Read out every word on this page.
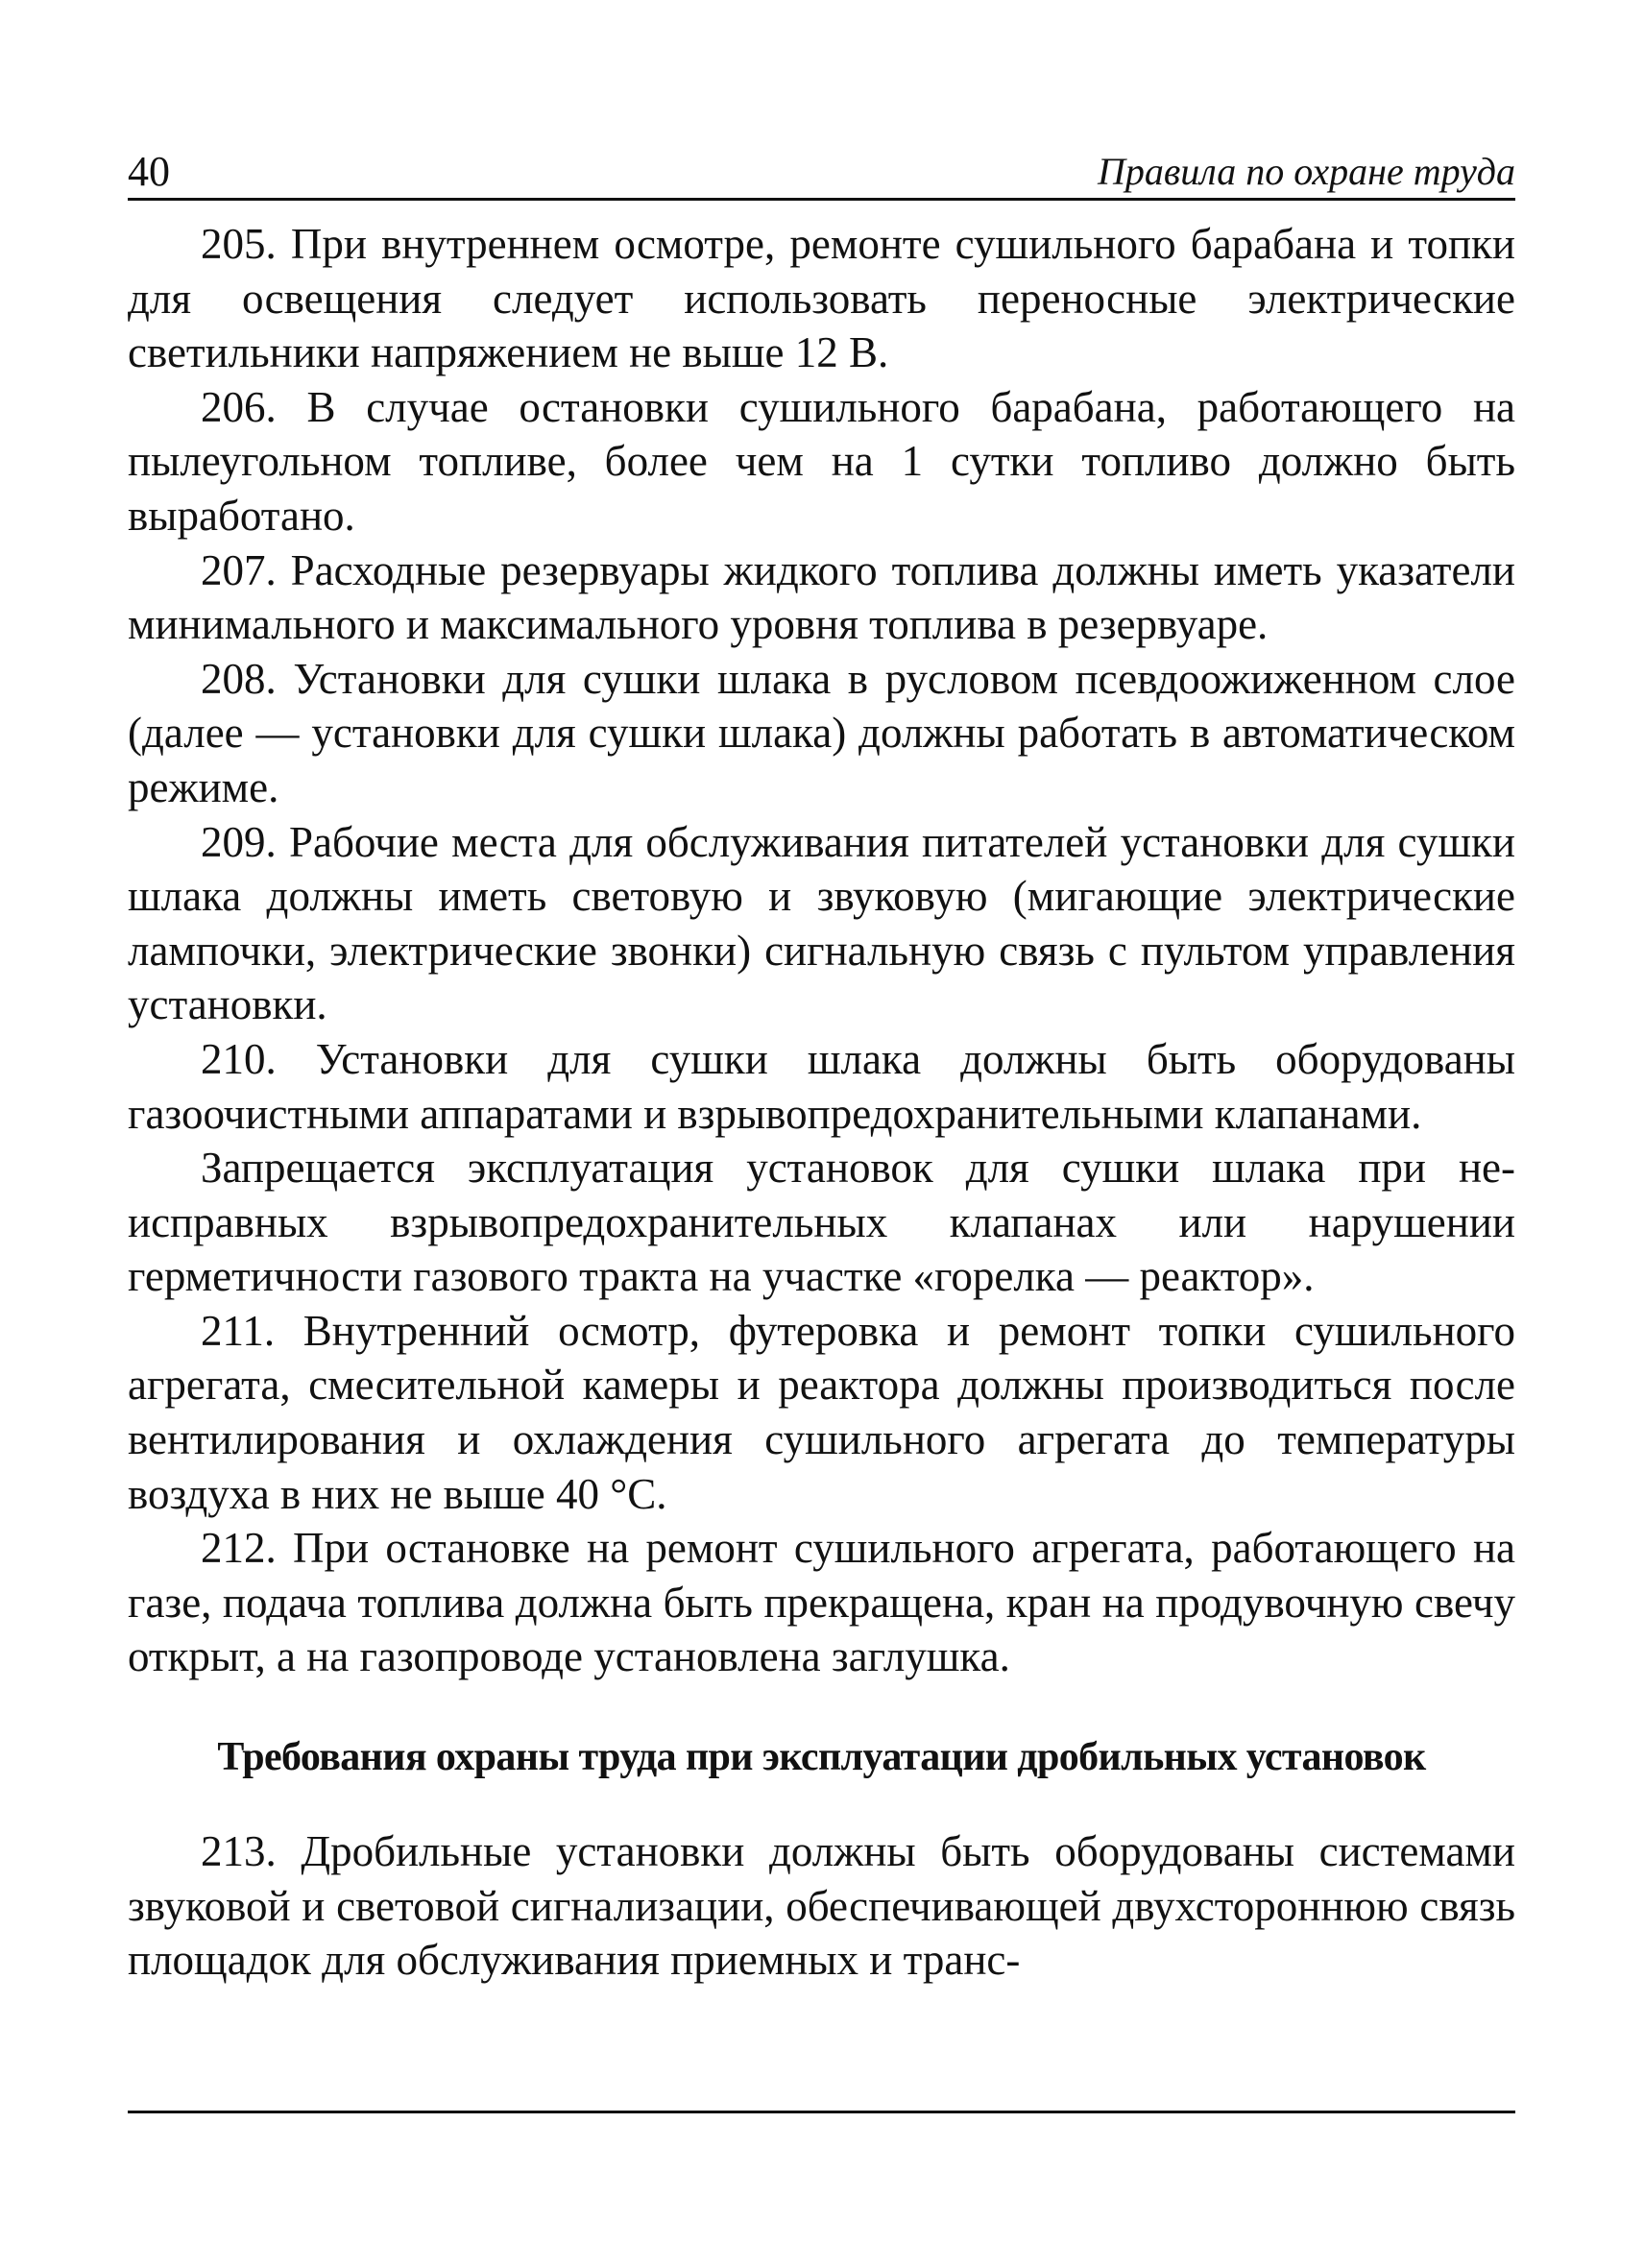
40	Правила по охране труда

205. При внутреннем осмотре, ремонте сушильного барабана и топки для освещения следует использовать переносные электрические светильники напряжением не выше 12 В.

206. В случае остановки сушильного барабана, работающего на пылеугольном топливе, более чем на 1 сутки топливо должно быть выработано.

207. Расходные резервуары жидкого топлива должны иметь указатели минимального и максимального уровня топлива в резервуаре.

208. Установки для сушки шлака в русловом псевдоожиженном слое (далее — установки для сушки шлака) должны работать в автоматическом режиме.

209. Рабочие места для обслуживания питателей установки для сушки шлака должны иметь световую и звуковую (мигающие электрические лампочки, электрические звонки) сигнальную связь с пультом управления установки.

210. Установки для сушки шлака должны быть оборудованы газоочистными аппаратами и взрывопредохранительными клапанами.

Запрещается эксплуатация установок для сушки шлака при неисправных взрывопредохранительных клапанах или нарушении герметичности газового тракта на участке «горелка — реактор».

211. Внутренний осмотр, футеровка и ремонт топки сушильного агрегата, смесительной камеры и реактора должны производиться после вентилирования и охлаждения сушильного агрегата до температуры воздуха в них не выше 40 °С.

212. При остановке на ремонт сушильного агрегата, работающего на газе, подача топлива должна быть прекращена, кран на продувочную свечу открыт, а на газопроводе установлена заглушка.

Требования охраны труда при эксплуатации дробильных установок

213. Дробильные установки должны быть оборудованы системами звуковой и световой сигнализации, обеспечивающей двухстороннюю связь площадок для обслуживания приемных и транс-
